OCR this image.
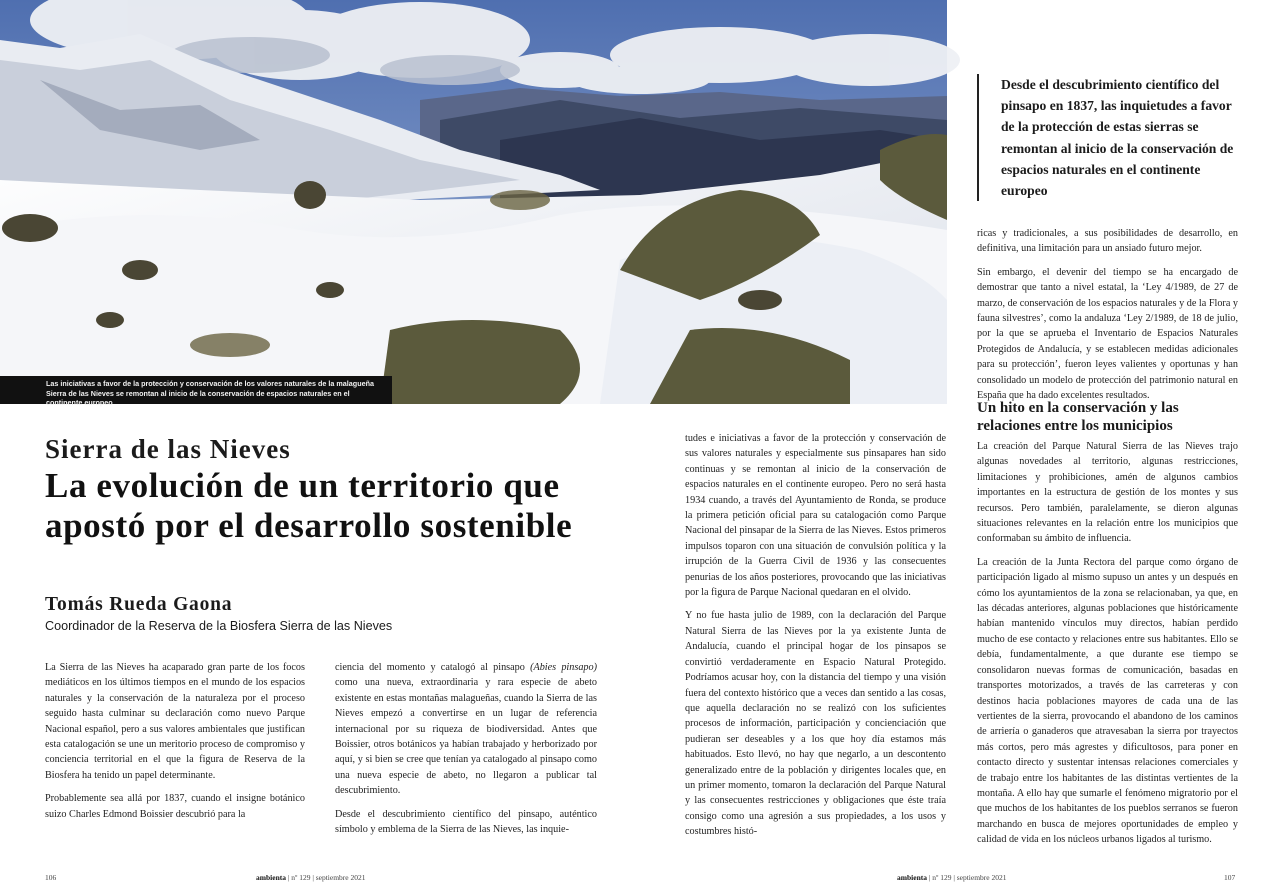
Las iniciativas a favor de la protección y conservación de los valores naturales de la malagueña Sierra de las Nieves se remontan al inicio de la conservación de espacios naturales en el continente europeo
Desde el descubrimiento científico del pinsapo en 1837, las inquietudes a favor de la protección de estas sierras se remontan al inicio de la conservación de espacios naturales en el continente europeo
Sierra de las Nieves
La evolución de un territorio que apostó por el desarrollo sostenible
Tomás Rueda Gaona
Coordinador de la Reserva de la Biosfera Sierra de las Nieves

La Sierra de las Nieves ha acaparado gran parte de los focos mediáticos en los últimos tiempos en el mundo de los espacios naturales y la conservación de la naturaleza por el proceso seguido hasta culminar su declaración como nuevo Parque Nacional español, pero a sus valores ambientales que justifican esta catalogación se une un meritorio proceso de compromiso y conciencia territorial en el que la figura de Reserva de la Biosfera ha tenido un papel determinante.

Probablemente sea allá por 1837, cuando el insigne botánico suizo Charles Edmond Boissier descubrió para la

ciencia del momento y catalogó al pinsapo (Abies pinsapo) como una nueva, extraordinaria y rara especie de abeto existente en estas montañas malagueñas, cuando la Sierra de las Nieves empezó a convertirse en un lugar de referencia internacional por su riqueza de biodiversidad. Antes que Boissier, otros botánicos ya habían trabajado y herborizado por aquí, y si bien se cree que tenían ya catalogado al pinsapo como una nueva especie de abeto, no llegaron a publicar tal descubrimiento.

Desde el descubrimiento científico del pinsapo, auténtico símbolo y emblema de la Sierra de las Nieves, las inquie-

tudes e iniciativas a favor de la protección y conservación de sus valores naturales y especialmente sus pinsapares han sido continuas y se remontan al inicio de la conservación de espacios naturales en el continente europeo. Pero no será hasta 1934 cuando, a través del Ayuntamiento de Ronda, se produce la primera petición oficial para su catalogación como Parque Nacional del pinsapar de la Sierra de las Nieves. Estos primeros impulsos toparon con una situación de convulsión política y la irrupción de la Guerra Civil de 1936 y las consecuentes penurias de los años posteriores, provocando que las iniciativas por la figura de Parque Nacional quedaran en el olvido.

Y no fue hasta julio de 1989, con la declaración del Parque Natural Sierra de las Nieves por la ya existente Junta de Andalucía, cuando el principal hogar de los pinsapos se convirtió verdaderamente en Espacio Natural Protegido. Podríamos acusar hoy, con la distancia del tiempo y una visión fuera del contexto histórico que a veces dan sentido a las cosas, que aquella declaración no se realizó con los suficientes procesos de información, participación y concienciación que pudieran ser deseables y a los que hoy día estamos más habituados. Esto llevó, no hay que negarlo, a un descontento generalizado entre de la población y dirigentes locales que, en un primer momento, tomaron la declaración del Parque Natural y las consecuentes restricciones y obligaciones que éste traía consigo como una agresión a sus propiedades, a los usos y costumbres histó-

ricas y tradicionales, a sus posibilidades de desarrollo, en definitiva, una limitación para un ansiado futuro mejor.

Sin embargo, el devenir del tiempo se ha encargado de demostrar que tanto a nivel estatal, la ‘Ley 4/1989, de 27 de marzo, de conservación de los espacios naturales y de la Flora y fauna silvestres’, como la andaluza ‘Ley 2/1989, de 18 de julio, por la que se aprueba el Inventario de Espacios Naturales Protegidos de Andalucía, y se establecen medidas adicionales para su protección’, fueron leyes valientes y oportunas y han consolidado un modelo de protección del patrimonio natural en España que ha dado excelentes resultados.

Un hito en la conservación y las relaciones entre los municipios

La creación del Parque Natural Sierra de las Nieves trajo algunas novedades al territorio, algunas restricciones, limitaciones y prohibiciones, amén de algunos cambios importantes en la estructura de gestión de los montes y sus recursos. Pero también, paralelamente, se dieron algunas situaciones relevantes en la relación entre los municipios que conformaban su ámbito de influencia.

La creación de la Junta Rectora del parque como órgano de participación ligado al mismo supuso un antes y un después en cómo los ayuntamientos de la zona se relacionaban, ya que, en las décadas anteriores, algunas poblaciones que históricamente habían mantenido vínculos muy directos, habían perdido mucho de ese contacto y relaciones entre sus habitantes. Ello se debía, fundamentalmente, a que durante ese tiempo se consolidaron nuevas formas de comunicación, basadas en transportes motorizados, a través de las carreteras y con destinos hacia poblaciones mayores de cada una de las vertientes de la sierra, provocando el abandono de los caminos de arriería o ganaderos que atravesaban la sierra por trayectos más cortos, pero más agrestes y dificultosos, para poner en contacto directo y sustentar intensas relaciones comerciales y de trabajo entre los habitantes de las distintas vertientes de la montaña. A ello hay que sumarle el fenómeno migratorio por el que muchos de los habitantes de los pueblos serranos se fueron marchando en busca de mejores oportunidades de empleo y calidad de vida en los núcleos urbanos ligados al turismo.

106	ambienta | nº 129 | septiembre 2021	ambienta | nº 129 | septiembre 2021	107
